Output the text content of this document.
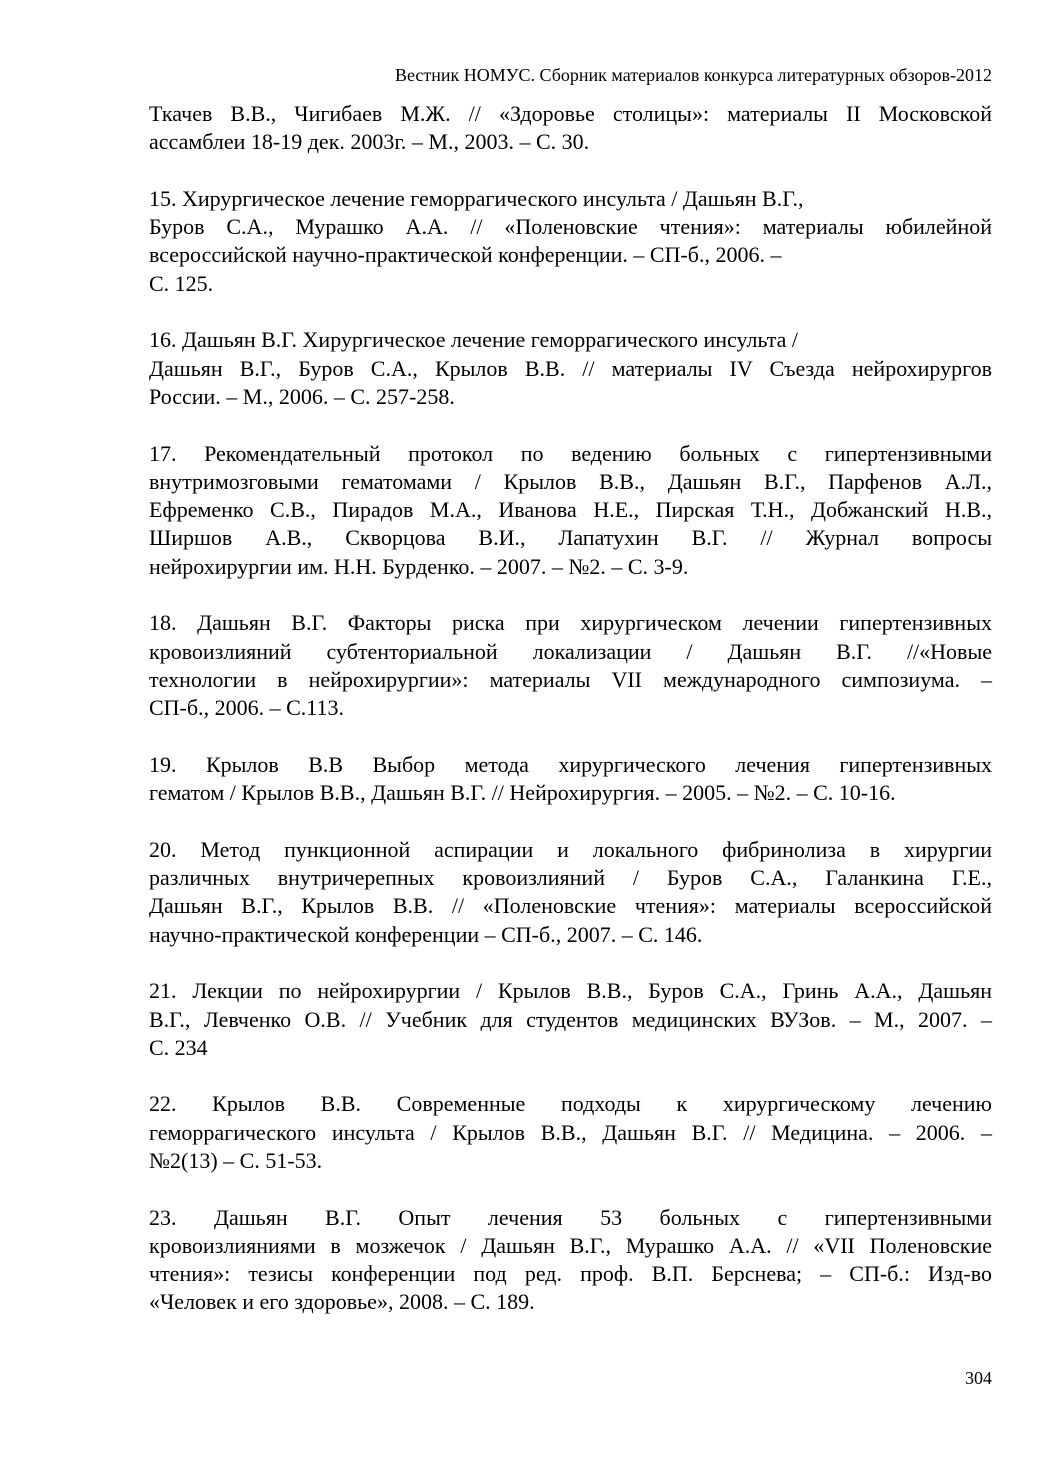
Вестник НОМУС. Сборник материалов конкурса литературных обзоров-2012
Ткачев В.В., Чигибаев М.Ж. // «Здоровье столицы»: материалы II Московской
ассамблеи 18-19 дек. 2003г. – М., 2003. – С. 30.
15. Хирургическое лечение геморрагического инсульта / Дашьян В.Г.,
Буров С.А., Мурашко А.А. // «Поленовские чтения»: материалы юбилейной
всероссийской научно-практической конференции. – СП-б., 2006. –
С. 125.
16. Дашьян В.Г. Хирургическое лечение геморрагического инсульта /
Дашьян В.Г., Буров С.А., Крылов В.В. // материалы IV Съезда нейрохирургов
России. – М., 2006. – С. 257-258.
17. Рекомендательный протокол по ведению больных с гипертензивными
внутримозговыми гематомами / Крылов В.В., Дашьян В.Г., Парфенов А.Л.,
Ефременко С.В., Пирадов М.А., Иванова Н.Е., Пирская Т.Н., Добжанский Н.В.,
Ширшов А.В., Скворцова В.И., Лапатухин В.Г. // Журнал вопросы
нейрохирургии им. Н.Н. Бурденко. – 2007. – №2. – С. 3-9.
18. Дашьян В.Г. Факторы риска при хирургическом лечении гипертензивных
кровоизлияний субтенториальной локализации / Дашьян В.Г. //«Новые
технологии в нейрохирургии»: материалы VII международного симпозиума. –
СП-б., 2006. – С.113.
19. Крылов В.В Выбор метода хирургического лечения гипертензивных
гематом / Крылов В.В., Дашьян В.Г. // Нейрохирургия. – 2005. – №2. – С. 10-16.
20. Метод пункционной аспирации и локального фибринолиза в хирургии
различных внутричерепных кровоизлияний / Буров С.А., Галанкина Г.Е.,
Дашьян В.Г., Крылов В.В. // «Поленовские чтения»: материалы всероссийской
научно-практической конференции – СП-б., 2007. – С. 146.
21. Лекции по нейрохирургии / Крылов В.В., Буров С.А., Гринь А.А., Дашьян
В.Г., Левченко О.В. // Учебник для студентов медицинских ВУЗов. – М., 2007. –
С. 234
22. Крылов В.В. Современные подходы к хирургическому лечению
геморрагического инсульта / Крылов В.В., Дашьян В.Г. // Медицина. – 2006. –
№2(13) – С. 51-53.
23. Дашьян В.Г. Опыт лечения 53 больных с гипертензивными
кровоизлияниями в мозжечок / Дашьян В.Г., Мурашко А.А. // «VII Поленовские
чтения»: тезисы конференции под ред. проф. В.П. Берснева; – СП-б.: Изд-во
«Человек и его здоровье», 2008. – С. 189.
304
